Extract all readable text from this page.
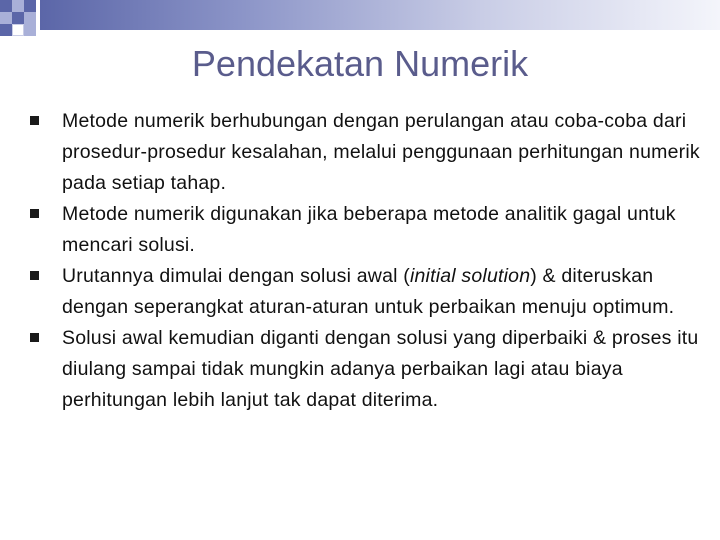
Pendekatan Numerik
Metode numerik berhubungan dengan perulangan atau coba-coba dari prosedur-prosedur kesalahan, melalui penggunaan perhitungan numerik pada setiap tahap.
Metode numerik digunakan jika beberapa metode analitik gagal untuk mencari solusi.
Urutannya dimulai dengan solusi awal (initial solution) & diteruskan dengan seperangkat aturan-aturan untuk perbaikan menuju optimum.
Solusi awal kemudian diganti dengan solusi yang diperbaiki & proses itu diulang sampai tidak mungkin adanya perbaikan lagi atau biaya perhitungan lebih lanjut tak dapat diterima.
